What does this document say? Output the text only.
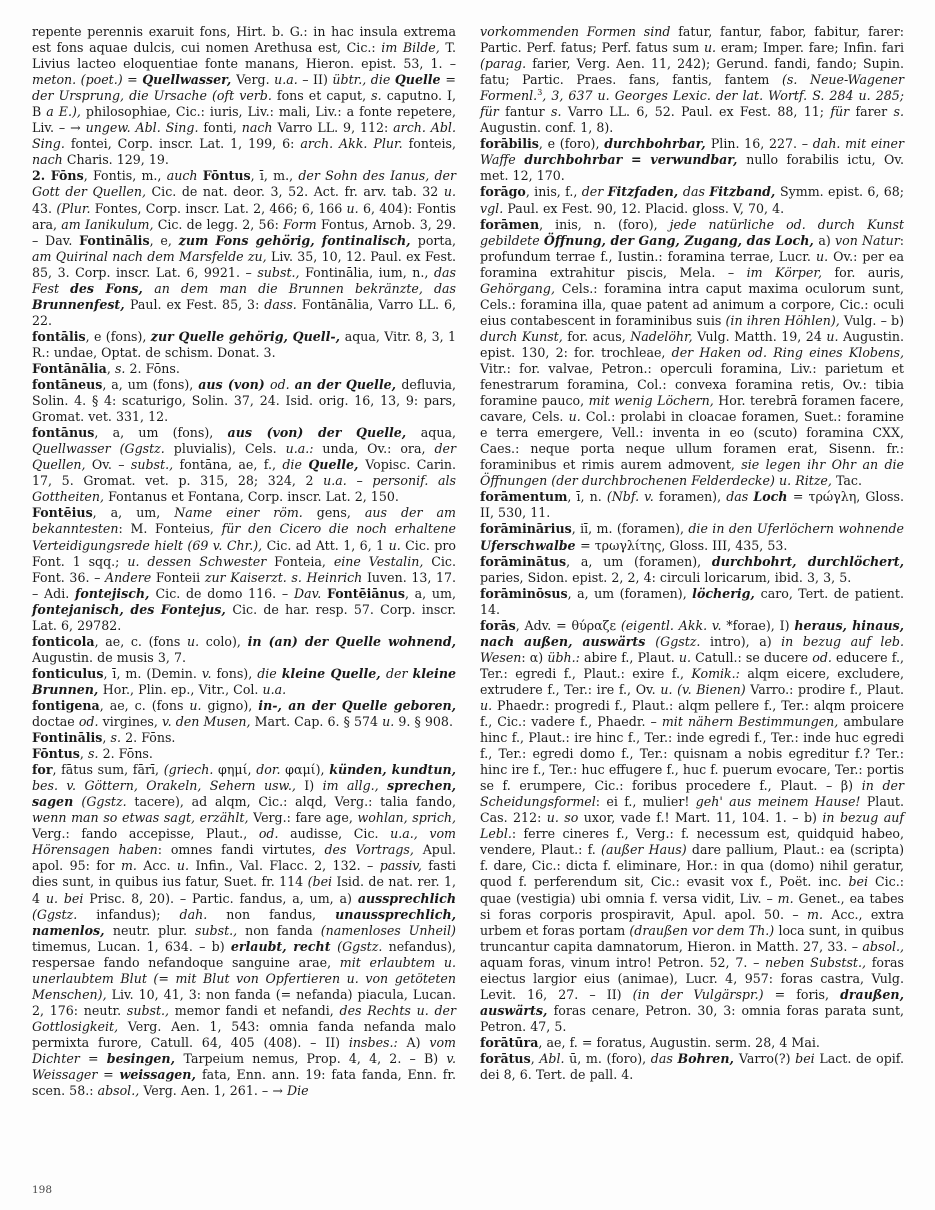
repente perennis exaruit fons, Hirt. b. G.: in hac insula extrema est fons aquae dulcis, cui nomen Arethusa est, Cic.: im Bilde, T. Livius lacteo eloquentiae fonte manans, Hieron. epist. 53, 1. – meton. (poet.) = Quellwasser, Verg. u.a. – II) übtr., die Quelle = der Ursprung, die Ursache (oft verb. fons et caput, s. caputno. I, B a E.), philosophiae, Cic.: iuris, Liv.: mali, Liv.: a fonte repetere, Liv. – → ungew. Abl. Sing. fonti, nach Varro LL. 9, 112: arch. Abl. Sing. fontei, Corp. inscr. Lat. 1, 199, 6: arch. Akk. Plur. fonteis, nach Charis. 129, 19.

2. Fōns, Fontis, m., auch Fōntus, ī, m., der Sohn des Ianus, der Gott der Quellen, Cic. de nat. deor. 3, 52. Act. fr. arv. tab. 32 u. 43. (Plur. Fontes, Corp. inscr. Lat. 2, 466; 6, 166 u. 6, 404): Fontis ara, am Ianikulum, Cic. de legg. 2, 56: Form Fontus, Arnob. 3, 29. – Dav. Fontinālis, e, zum Fons gehörig, fontinalisch, porta, am Quirinal nach dem Marsfelde zu, Liv. 35, 10, 12. Paul. ex Fest. 85, 3. Corp. inscr. Lat. 6, 9921. – subst., Fontinālia, ium, n., das Fest des Fons, an dem man die Brunnen bekränzte, das Brunnenfest, Paul. ex Fest. 85, 3: dass. Fontānālia, Varro LL. 6, 22.

fontālis, e (fons), zur Quelle gehörig, Quell-, aqua, Vitr. 8, 3, 1 R.: undae, Optat. de schism. Donat. 3.

Fontānālia, s. 2. Fōns.

fontāneus, a, um (fons), aus (von) od. an der Quelle, defluvia, Solin. 4. § 4: scaturigo, Solin. 37, 24. Isid. orig. 16, 13, 9: pars, Gromat. vet. 331, 12.

fontānus, a, um (fons), aus (von) der Quelle, aqua, Quellwasser (Ggstz. pluvialis), Cels. u.a.: unda, Ov.: ora, der Quellen, Ov. – subst., fontāna, ae, f., die Quelle, Vopisc. Carin. 17, 5. Gromat. vet. p. 315, 28; 324, 2 u.a. – personif. als Gottheiten, Fontanus et Fontana, Corp. inscr. Lat. 2, 150.

Fontēius, a, um, Name einer röm. gens, aus der am bekanntesten: M. Fonteius, für den Cicero die noch erhaltene Verteidigungsrede hielt (69 v. Chr.), Cic. ad Att. 1, 6, 1 u. Cic. pro Font. 1 sqq.; u. dessen Schwester Fonteia, eine Vestalin, Cic. Font. 36. – Andere Fonteii zur Kaiserzt. s. Heinrich Iuven. 13, 17. – Adi. fontejisch, Cic. de domo 116. – Dav. Fontēiānus, a, um, fontejanisch, des Fontejus, Cic. de har. resp. 57. Corp. inscr. Lat. 6, 29782.

fonticola, ae, c. (fons u. colo), in (an) der Quelle wohnend, Augustin. de musis 3, 7.

fonticulus, ī, m. (Demin. v. fons), die kleine Quelle, der kleine Brunnen, Hor., Plin. ep., Vitr., Col. u.a.

fontigena, ae, c. (fons u. gigno), in-, an der Quelle geboren, doctae od. virgines, v. den Musen, Mart. Cap. 6. § 574 u. 9. § 908.

Fontinālis, s. 2. Fōns.

Fōntus, s. 2. Fōns.

for, fātus sum, fārī, (griech. φημί, dor. φαμί), künden, kundtun, bes. v. Göttern, Orakeln, Sehern usw., I) im allg., sprechen, sagen (Ggstz. tacere), ad alqm, Cic.: alqd, Verg.: talia fando, wenn man so etwas sagt, erzählt, Verg.: fare age, wohlan, sprich, Verg.: fando accepisse, Plaut., od. audisse, Cic. u.a., vom Hörensagen haben: omnes fandi virtutes, des Vortrags, Apul. apol. 95: for m. Acc. u. Infin., Val. Flacc. 2, 132. – passiv, fasti dies sunt, in quibus ius fatur, Suet. fr. 114 (bei Isid. de nat. rer. 1, 4 u. bei Prisc. 8, 20). – Partic. fandus, a, um, a) aussprechlich (Ggstz. infandus); dah. non fandus, unaussprechlich, namenlos, neutr. plur. subst., non fanda (namenloses Unheil) timemus, Lucan. 1, 634. – b) erlaubt, recht (Ggstz. nefandus), respersae fando nefandoque sanguine arae, mit erlaubtem u. unerlaubtem Blut (= mit Blut von Opfertieren u. von getöteten Menschen), Liv. 10, 41, 3: non fanda (= nefanda) piacula, Lucan. 2, 176: neutr. subst., memor fandi et nefandi, des Rechts u. der Gottlosigkeit, Verg. Aen. 1, 543: omnia fanda nefanda malo permixta furore, Catull. 64, 405 (408). – II) insbes.: A) vom Dichter = besingen, Tarpeium nemus, Prop. 4, 4, 2. – B) v. Weissager = weissagen, fata, Enn. ann. 19: fata fanda, Enn. fr. scen. 58.: absol., Verg. Aen. 1, 261. – → Die

vorkommenden Formen sind fatur, fantur, fabor, fabitur, farer: Partic. Perf. fatus; Perf. fatus sum u. eram; Imper. fare; Infin. fari (parag. farier, Verg. Aen. 11, 242); Gerund. fandi, fando; Supin. fatu; Partic. Praes. fans, fantis, fantem (s. Neue-Wagener Formenl.$^3$, 3, 637 u. Georges Lexic. der lat. Wortf. S. 284 u. 285; für fantur s. Varro LL. 6, 52. Paul. ex Fest. 88, 11; für farer s. Augustin. conf. 1, 8).

forābilis, e (foro), durchbohrbar, Plin. 16, 227. – dah. mit einer Waffe durchbohrbar = verwundbar, nullo forabilis ictu, Ov. met. 12, 170.

forāgo, inis, f., der Fitzfaden, das Fitzband, Symm. epist. 6, 68; vgl. Paul. ex Fest. 90, 12. Placid. gloss. V, 70, 4.

forāmen, inis, n. (foro), jede natürliche od. durch Kunst gebildete Öffnung, der Gang, Zugang, das Loch, a) von Natur: profundum terrae f., Iustin.: foramina terrae, Lucr. u. Ov.: per ea foramina extrahitur piscis, Mela. – im Körper, for. auris, Gehörgang, Cels.: foramina intra caput maxima oculorum sunt, Cels.: foramina illa, quae patent ad animum a corpore, Cic.: oculi eius contabescent in foraminibus suis (in ihren Höhlen), Vulg. – b) durch Kunst, for. acus, Nadelöhr, Vulg. Matth. 19, 24 u. Augustin. epist. 130, 2: for. trochleae, der Haken od. Ring eines Klobens, Vitr.: for. valvae, Petron.: operculi foramina, Liv.: parietum et fenestrarum foramina, Col.: convexa foramina retis, Ov.: tibia foramine pauco, mit wenig Löchern, Hor. terebrā foramen facere, cavare, Cels. u. Col.: prolabi in cloacae foramen, Suet.: foramine e terra emergere, Vell.: inventa in eo (scuto) foramina CXX, Caes.: neque porta neque ullum foramen erat, Sisenn. fr.: foraminibus et rimis aurem admovent, sie legen ihr Ohr an die Öffnungen (der durchbrochenen Felderdecke) u. Ritze, Tac.

forāmentum, ī, n. (Nbf. v. foramen), das Loch = τρώγλη, Gloss. II, 530, 11.

forāminārius, iī, m. (foramen), die in den Uferlöchern wohnende Uferschwalbe = τρωγλίτης, Gloss. III, 435, 53.

forāminātus, a, um (foramen), durchbohrt, durchlöchert, paries, Sidon. epist. 2, 2, 4: circuli loricarum, ibid. 3, 3, 5.

forāminōsus, a, um (foramen), löcherig, caro, Tert. de patient. 14.

forās, Adv. = θύραζε (eigentl. Akk. v. *forae), I) heraus, hinaus, nach außen, auswärts (Ggstz. intro), a) in bezug auf leb. Wesen: α) übh.: abire f., Plaut. u. Catull.: se ducere od. educere f., Ter.: egredi f., Plaut.: exire f., Komik.: alqm eicere, excludere, extrudere f., Ter.: ire f., Ov. u. (v. Bienen) Varro.: prodire f., Plaut. u. Phaedr.: progredi f., Plaut.: alqm pellere f., Ter.: alqm proicere f., Cic.: vadere f., Phaedr. – mit nähern Bestimmungen, ambulare hinc f., Plaut.: ire hinc f., Ter.: inde egredi f., Ter.: inde huc egredi f., Ter.: egredi domo f., Ter.: quisnam a nobis egreditur f.? Ter.: hinc ire f., Ter.: huc effugere f., huc f. puerum evocare, Ter.: portis se f. erumpere, Cic.: foribus procedere f., Plaut. – β) in der Scheidungsformel: ei f., mulier! geh' aus meinem Hause! Plaut. Cas. 212: u. so uxor, vade f.! Mart. 11, 104. 1. – b) in bezug auf Lebl.: ferre cineres f., Verg.: f. necessum est, quidquid habeo, vendere, Plaut.: f. (außer Haus) dare pallium, Plaut.: ea (scripta) f. dare, Cic.: dicta f. eliminare, Hor.: in qua (domo) nihil geratur, quod f. perferendum sit, Cic.: evasit vox f., Poët. inc. bei Cic.: quae (vestigia) ubi omnia f. versa vidit, Liv. – m. Genet., ea tabes si foras corporis prospiravit, Apul. apol. 50. – m. Acc., extra urbem et foras portam (draußen vor dem Th.) loca sunt, in quibus truncantur capita damnatorum, Hieron. in Matth. 27, 33. – absol., aquam foras, vinum intro! Petron. 52, 7. – neben Substst., foras eiectus largior eius (animae), Lucr. 4, 957: foras castra, Vulg. Levit. 16, 27. – II) (in der Vulgärspr.) = foris, draußen, auswärts, foras cenare, Petron. 30, 3: omnia foras parata sunt, Petron. 47, 5.

forātūra, ae, f. = foratus, Augustin. serm. 28, 4 Mai.

forātus, Abl. ū, m. (foro), das Bohren, Varro(?) bei Lact. de opif. dei 8, 6. Tert. de pall. 4.

198
